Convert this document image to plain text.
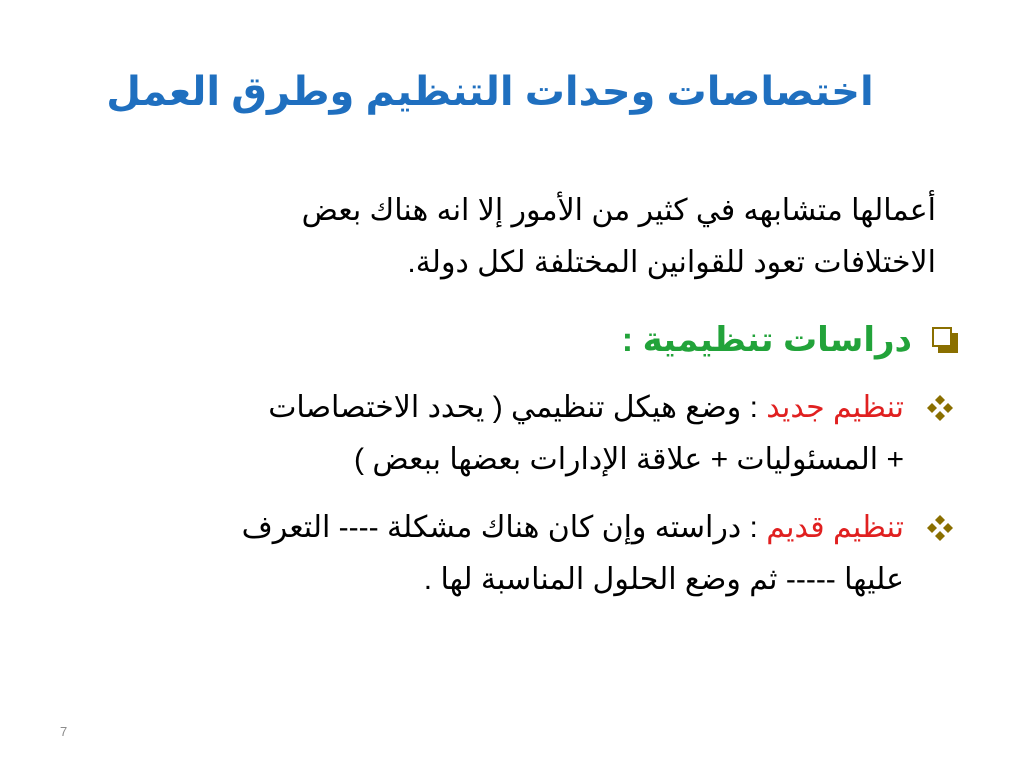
اختصاصات وحدات التنظيم وطرق العمل
أعمالها متشابهه في كثير من الأمور إلا انه هناك بعض
الاختلافات تعود للقوانين المختلفة لكل دولة.
دراسات تنظيمية :
تنظيم جديد : وضع هيكل تنظيمي ( يحدد الاختصاصات
+ المسئوليات + علاقة الإدارات بعضها ببعض )
تنظيم قديم : دراسته وإن كان هناك مشكلة ---- التعرف
عليها ----- ثم وضع الحلول المناسبة لها .
7
